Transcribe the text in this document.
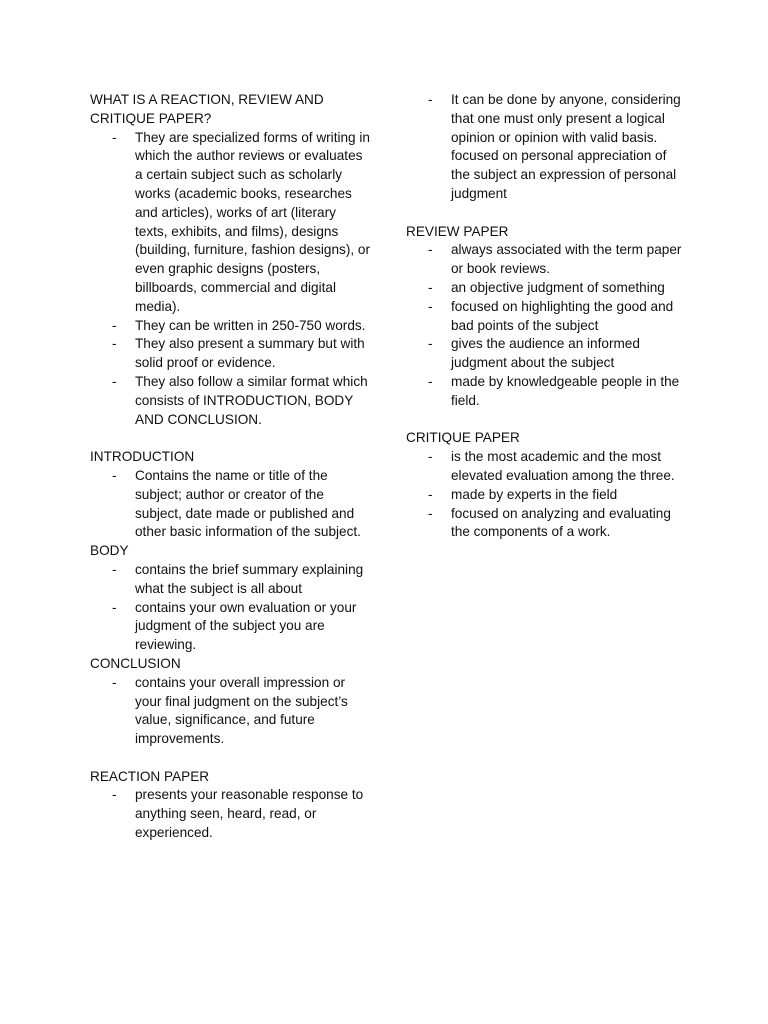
WHAT IS A REACTION, REVIEW AND CRITIQUE PAPER?

- They are specialized forms of writing in which the author reviews or evaluates a certain subject such as scholarly works (academic books, researches and articles), works of art (literary texts, exhibits, and films), designs (building, furniture, fashion designs), or even graphic designs (posters, billboards, commercial and digital media).
- They can be written in 250-750 words.
- They also present a summary but with solid proof or evidence.
- They also follow a similar format which consists of INTRODUCTION, BODY AND CONCLUSION.

INTRODUCTION

- Contains the name or title of the subject; author or creator of the subject, date made or published and other basic information of the subject.

BODY

- contains the brief summary explaining what the subject is all about
- contains your own evaluation or your judgment of the subject you are reviewing.

CONCLUSION

- contains your overall impression or your final judgment on the subject’s value, significance, and future improvements.

REACTION PAPER

- presents your reasonable response to anything seen, heard, read, or experienced.
- It can be done by anyone, considering that one must only present a logical opinion or opinion with valid basis. focused on personal appreciation of the subject an expression of personal judgment

REVIEW PAPER

- always associated with the term paper or book reviews.
- an objective judgment of something
- focused on highlighting the good and bad points of the subject
- gives the audience an informed judgment about the subject
- made by knowledgeable people in the field.

CRITIQUE PAPER

- is the most academic and the most elevated evaluation among the three.
- made by experts in the field
- focused on analyzing and evaluating the components of a work.
